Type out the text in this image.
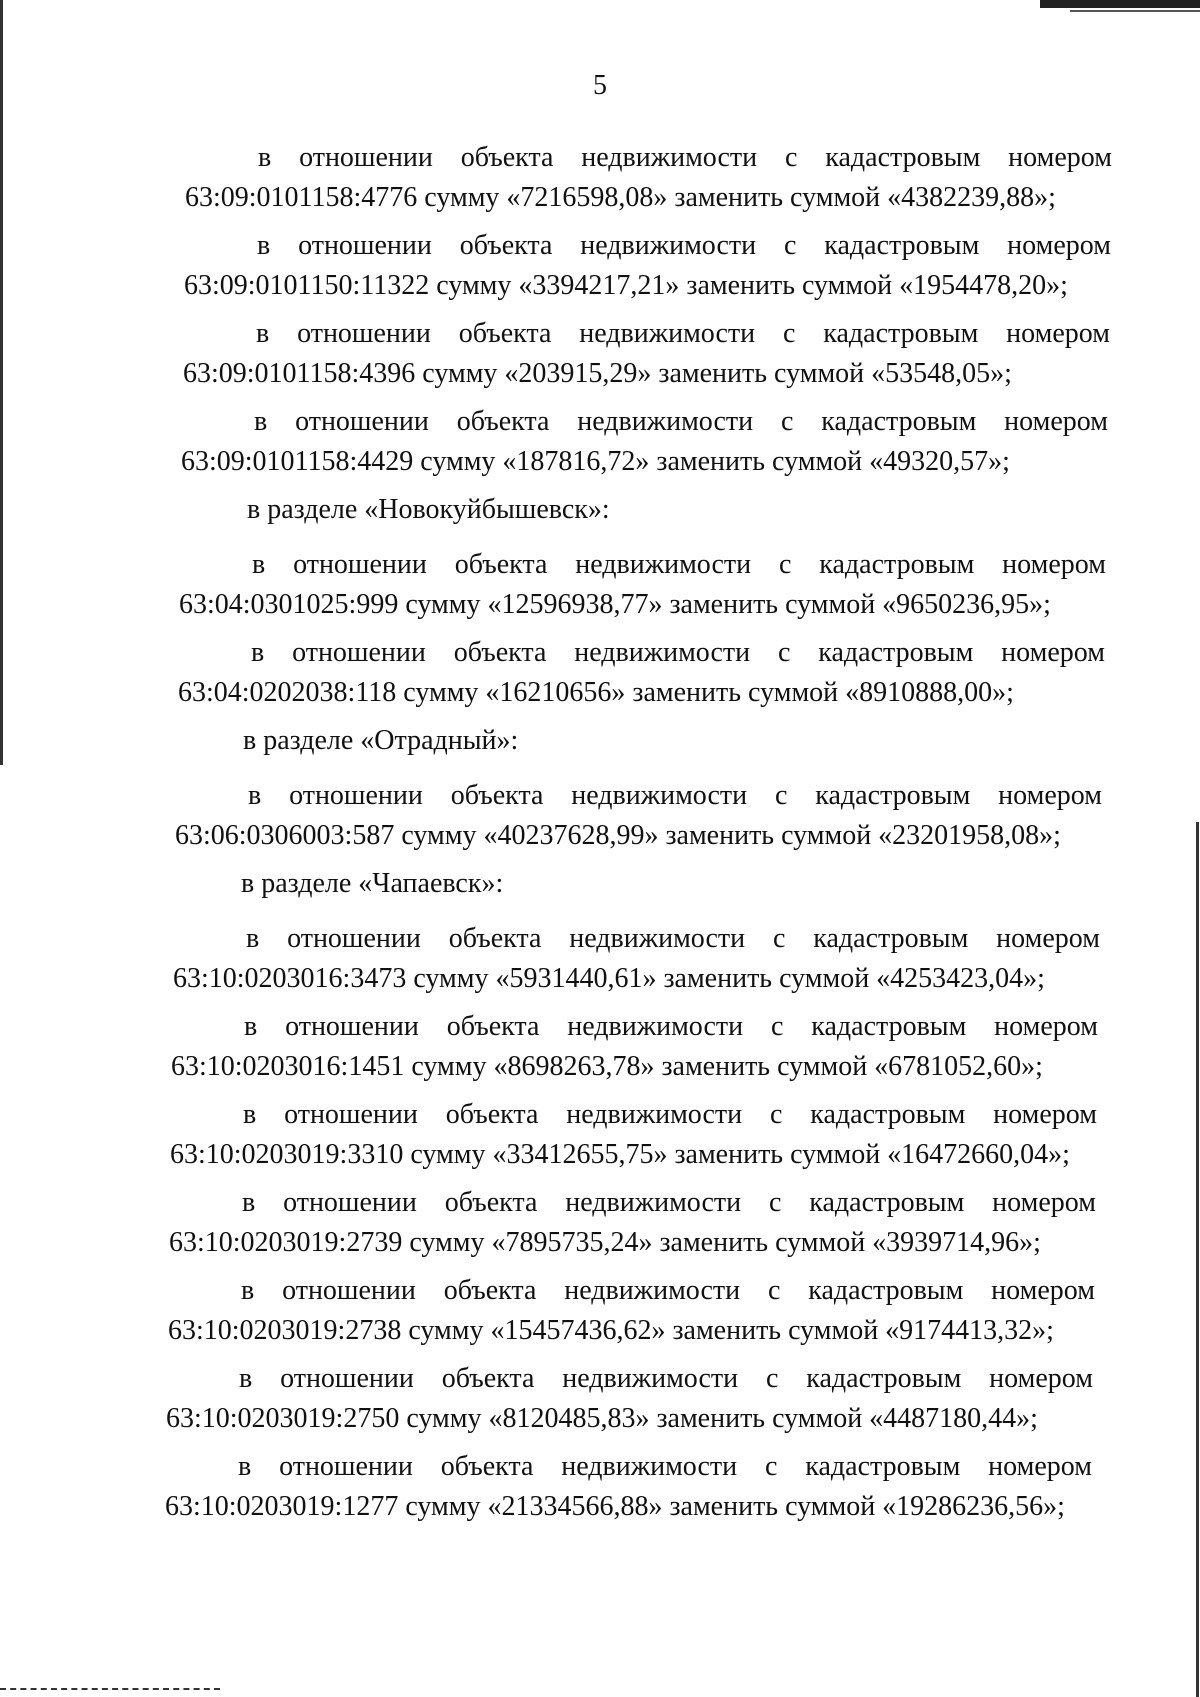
5
в отношении объекта недвижимости с кадастровым номером
63:09:0101158:4776 сумму «7216598,08» заменить суммой «4382239,88»;
в отношении объекта недвижимости с кадастровым номером
63:09:0101150:11322 сумму «3394217,21» заменить суммой «1954478,20»;
в отношении объекта недвижимости с кадастровым номером
63:09:0101158:4396 сумму «203915,29» заменить суммой «53548,05»;
в отношении объекта недвижимости с кадастровым номером
63:09:0101158:4429 сумму «187816,72» заменить суммой «49320,57»;
в разделе «Новокуйбышевск»:
в отношении объекта недвижимости с кадастровым номером
63:04:0301025:999 сумму «12596938,77» заменить суммой «9650236,95»;
в отношении объекта недвижимости с кадастровым номером
63:04:0202038:118 сумму «16210656» заменить суммой «8910888,00»;
в разделе «Отрадный»:
в отношении объекта недвижимости с кадастровым номером
63:06:0306003:587 сумму «40237628,99» заменить суммой «23201958,08»;
в разделе «Чапаевск»:
в отношении объекта недвижимости с кадастровым номером
63:10:0203016:3473 сумму «5931440,61» заменить суммой «4253423,04»;
в отношении объекта недвижимости с кадастровым номером
63:10:0203016:1451 сумму «8698263,78» заменить суммой «6781052,60»;
в отношении объекта недвижимости с кадастровым номером
63:10:0203019:3310 сумму «33412655,75» заменить суммой «16472660,04»;
в отношении объекта недвижимости с кадастровым номером
63:10:0203019:2739 сумму «7895735,24» заменить суммой «3939714,96»;
в отношении объекта недвижимости с кадастровым номером
63:10:0203019:2738 сумму «15457436,62» заменить суммой «9174413,32»;
в отношении объекта недвижимости с кадастровым номером
63:10:0203019:2750 сумму «8120485,83» заменить суммой «4487180,44»;
в отношении объекта недвижимости с кадастровым номером
63:10:0203019:1277 сумму «21334566,88» заменить суммой «19286236,56»;
